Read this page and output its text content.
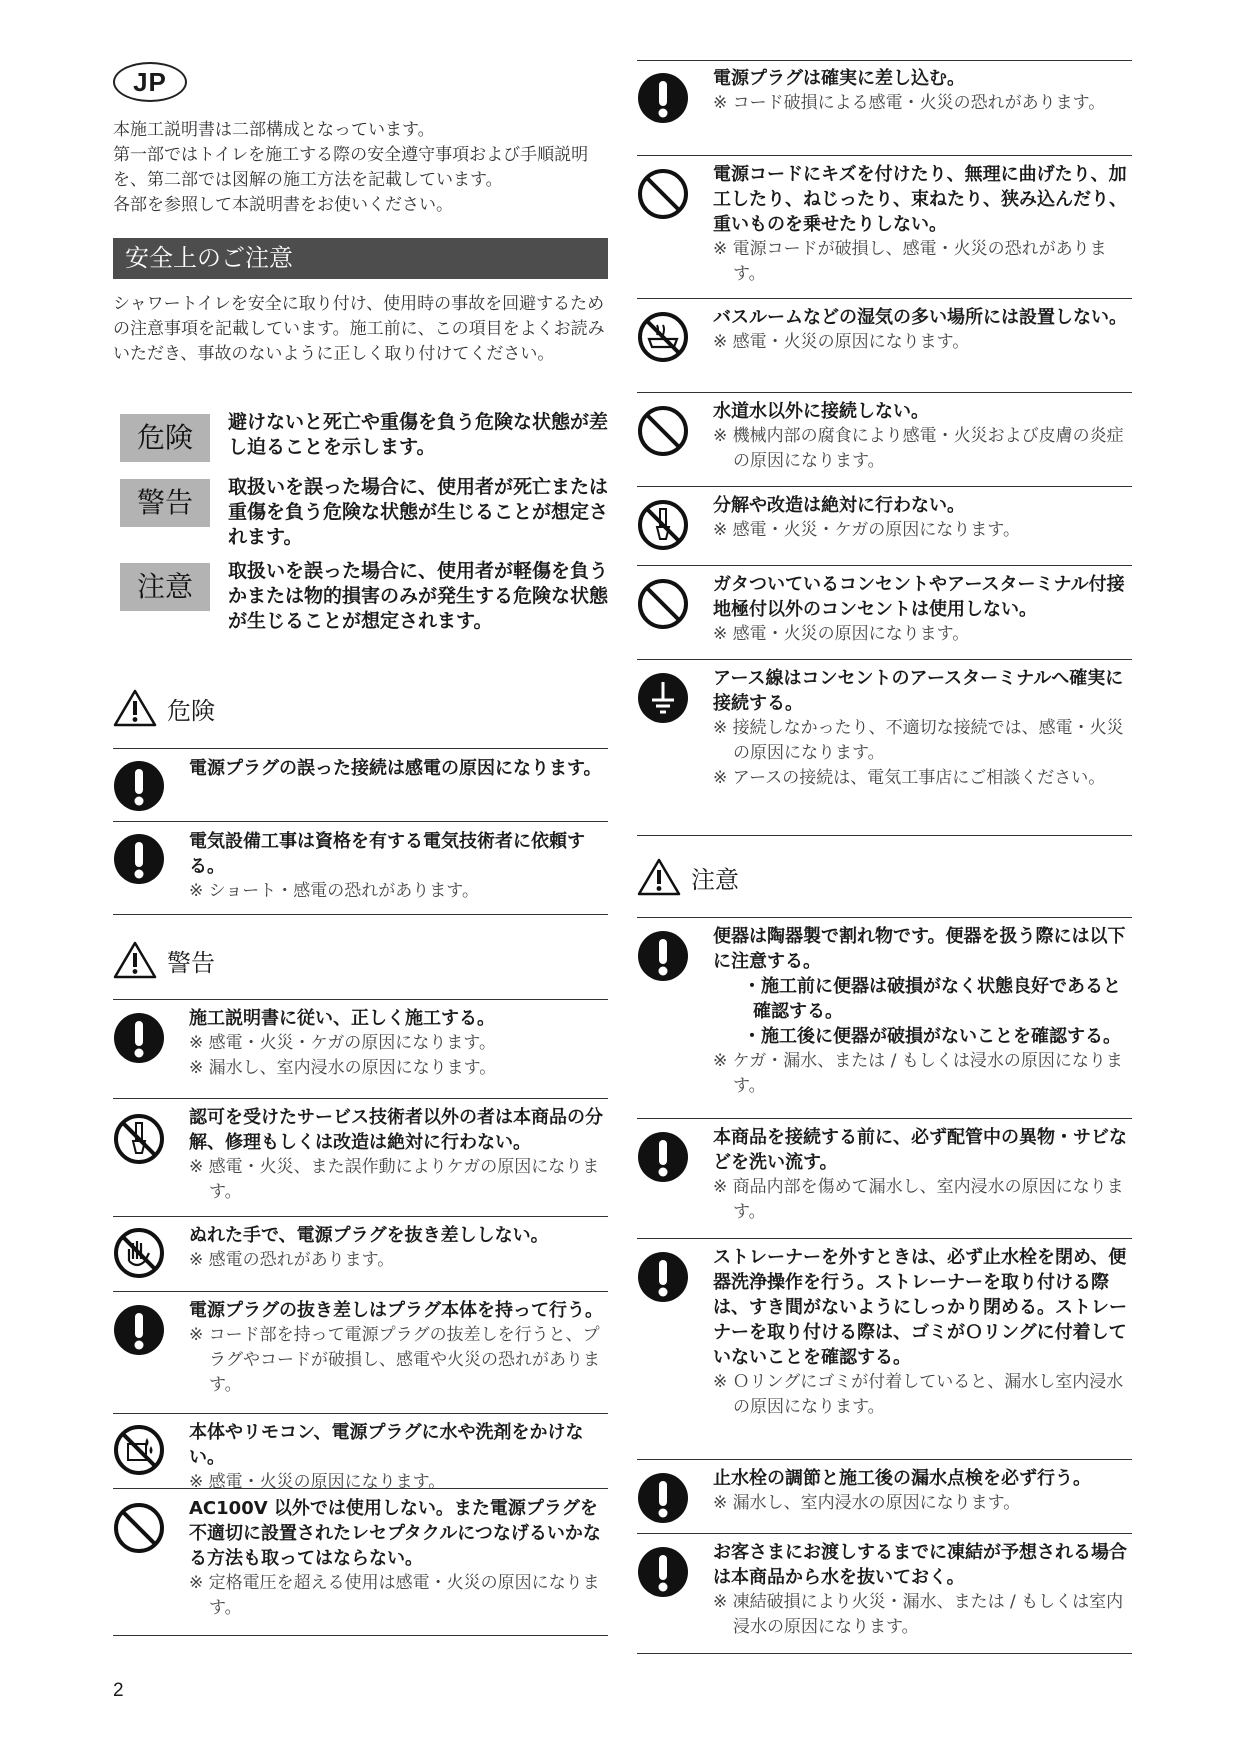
JP
本施工説明書は二部構成となっています。
第一部ではトイレを施工する際の安全遵守事項および手順説明を、第二部では図解の施工方法を記載しています。
各部を参照して本説明書をお使いください。
安全上のご注意
シャワートイレを安全に取り付け、使用時の事故を回避するための注意事項を記載しています。施工前に、この項目をよくお読みいただき、事故のないように正しく取り付けてください。
危険	避けないと死亡や重傷を負う危険な状態が差し迫ることを示します。
警告	取扱いを誤った場合に、使用者が死亡または重傷を負う危険な状態が生じることが想定されます。
注意	取扱いを誤った場合に、使用者が軽傷を負うかまたは物的損害のみが発生する危険な状態が生じることが想定されます。
危険
電源プラグの誤った接続は感電の原因になります。
電気設備工事は資格を有する電気技術者に依頼する。
※ ショート・感電の恐れがあります。
警告
施工説明書に従い、正しく施工する。
※ 感電・火災・ケガの原因になります。
※ 漏水し、室内浸水の原因になります。
認可を受けたサービス技術者以外の者は本商品の分解、修理もしくは改造は絶対に行わない。
※ 感電・火災、また誤作動によりケガの原因になります。
ぬれた手で、電源プラグを抜き差ししない。
※ 感電の恐れがあります。
電源プラグの抜き差しはプラグ本体を持って行う。
※ コード部を持って電源プラグの抜差しを行うと、プラグやコードが破損し、感電や火災の恐れがあります。
本体やリモコン、電源プラグに水や洗剤をかけない。
※ 感電・火災の原因になります。
AC100V 以外では使用しない。また電源プラグを不適切に設置されたレセプタクルにつなげるいかなる方法も取ってはならない。
※ 定格電圧を超える使用は感電・火災の原因になります。
電源プラグは確実に差し込む。
※ コード破損による感電・火災の恐れがあります。
電源コードにキズを付けたり、無理に曲げたり、加工したり、ねじったり、束ねたり、狭み込んだり、重いものを乗せたりしない。
※ 電源コードが破損し、感電・火災の恐れがあります。
バスルームなどの湿気の多い場所には設置しない。
※ 感電・火災の原因になります。
水道水以外に接続しない。
※ 機械内部の腐食により感電・火災および皮膚の炎症の原因になります。
分解や改造は絶対に行わない。
※ 感電・火災・ケガの原因になります。
ガタついているコンセントやアースターミナル付接地極付以外のコンセントは使用しない。
※ 感電・火災の原因になります。
アース線はコンセントのアースターミナルへ確実に接続する。
※ 接続しなかったり、不適切な接続では、感電・火災の原因になります。
※ アースの接続は、電気工事店にご相談ください。
注意
便器は陶器製で割れ物です。便器を扱う際には以下に注意する。
・施工前に便器は破損がなく状態良好であると確認する。
・施工後に便器が破損がないことを確認する。
※ ケガ・漏水、または / もしくは浸水の原因になります。
本商品を接続する前に、必ず配管中の異物・サビなどを洗い流す。
※ 商品内部を傷めて漏水し、室内浸水の原因になります。
ストレーナーを外すときは、必ず止水栓を閉め、便器洗浄操作を行う。ストレーナーを取り付ける際は、すき間がないようにしっかり閉める。ストレーナーを取り付ける際は、ゴミがＯリングに付着していないことを確認する。
※ Ｏリングにゴミが付着していると、漏水し室内浸水の原因になります。
止水栓の調節と施工後の漏水点検を必ず行う。
※ 漏水し、室内浸水の原因になります。
お客さまにお渡しするまでに凍結が予想される場合は本商品から水を抜いておく。
※ 凍結破損により火災・漏水、または / もしくは室内浸水の原因になります。
2
